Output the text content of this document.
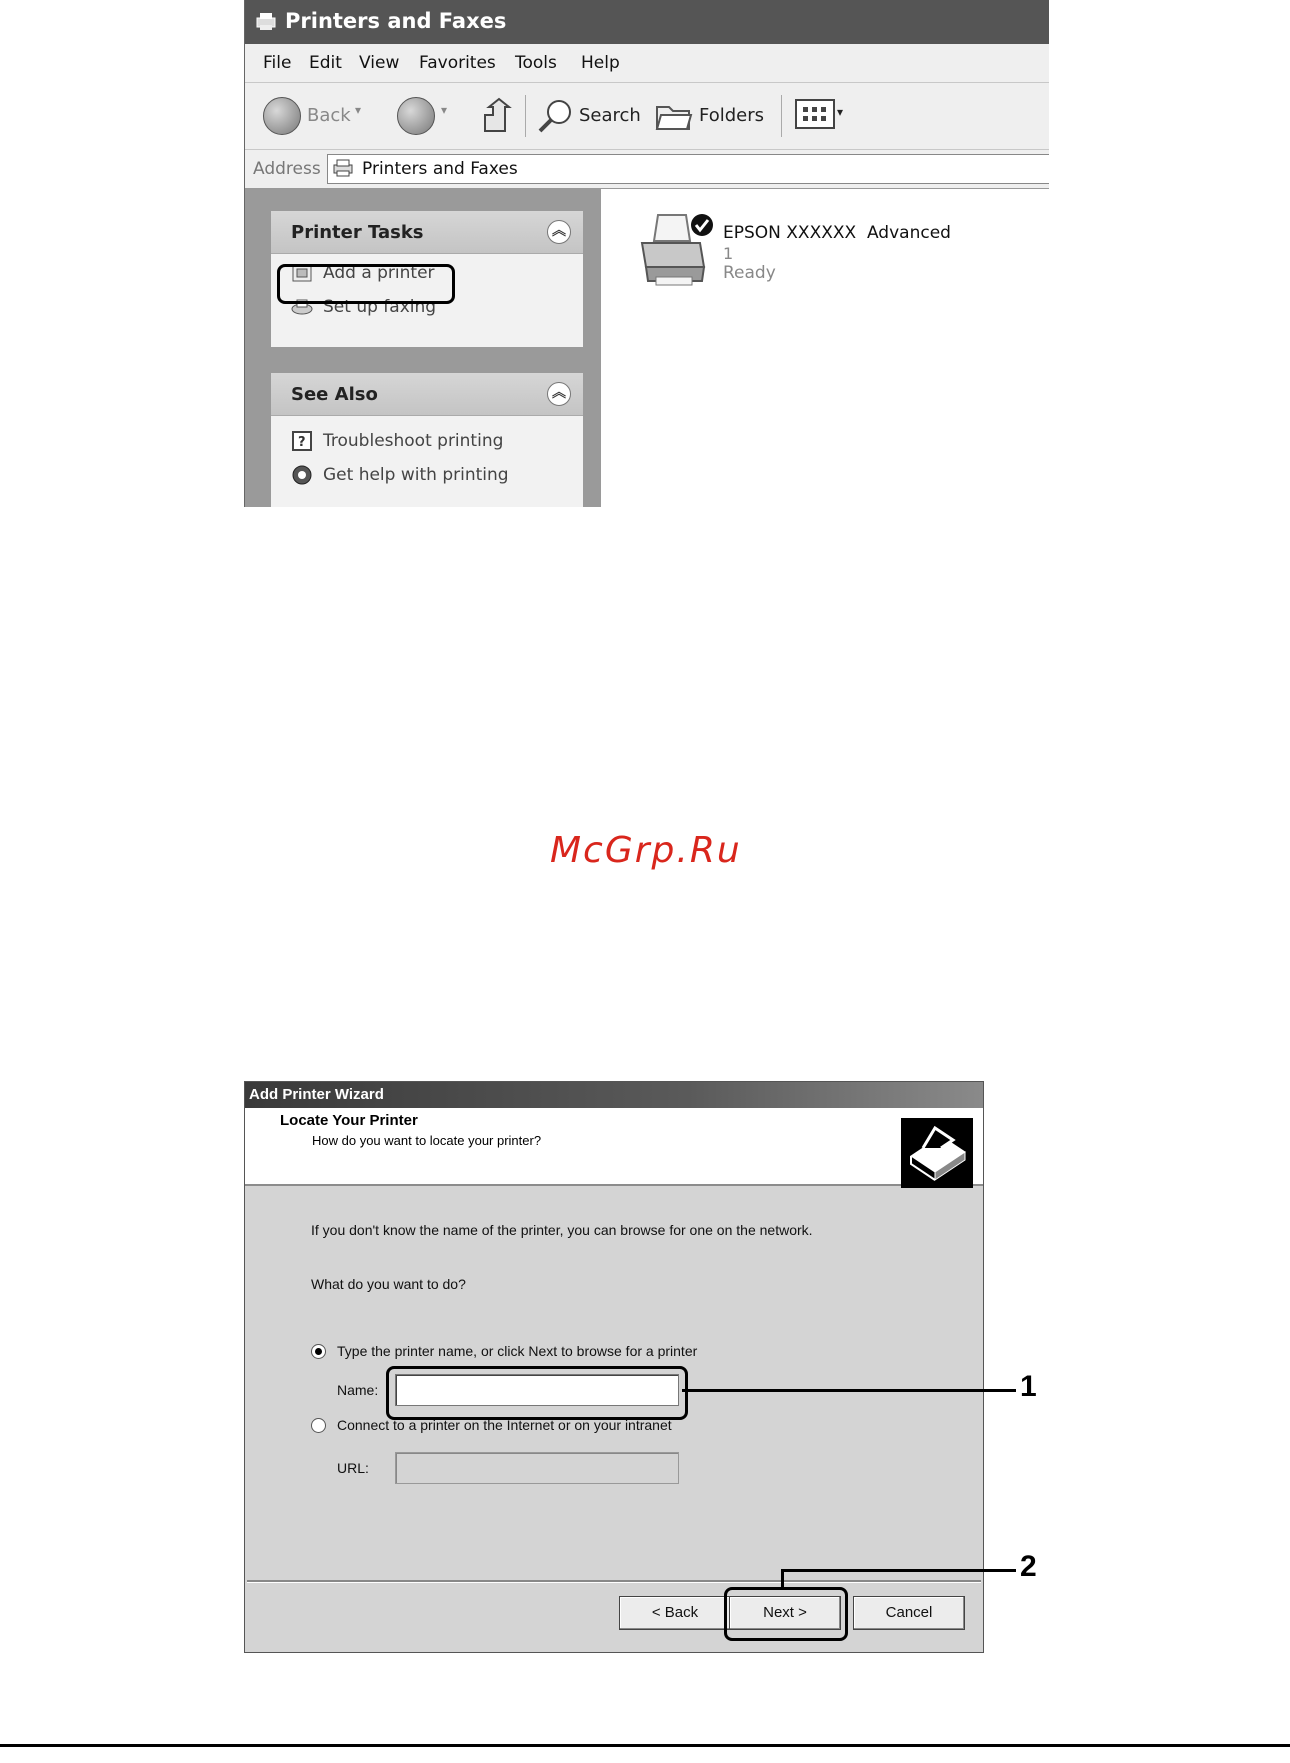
Printers and Faxes
File Edit View Favorites Tools Help
Back ▾	▾	Search	Folders	▾
Address Printers and Faxes
Printer Tasks	︽
Add a printer
Set up faxing
See Also	︽
? Troubleshoot printing
Get help with printing
EPSON XXXXXX  Advanced
1
Ready
McGrp.Ru
Add Printer Wizard
Locate Your Printer
How do you want to locate your printer?
If you don't know the name of the printer, you can browse for one on the network.
What do you want to do?
Type the printer name, or click Next to browse for a printer
Name:
Connect to a printer on the Internet or on your intranet
URL:
< Back	Next >	Cancel
1
2
